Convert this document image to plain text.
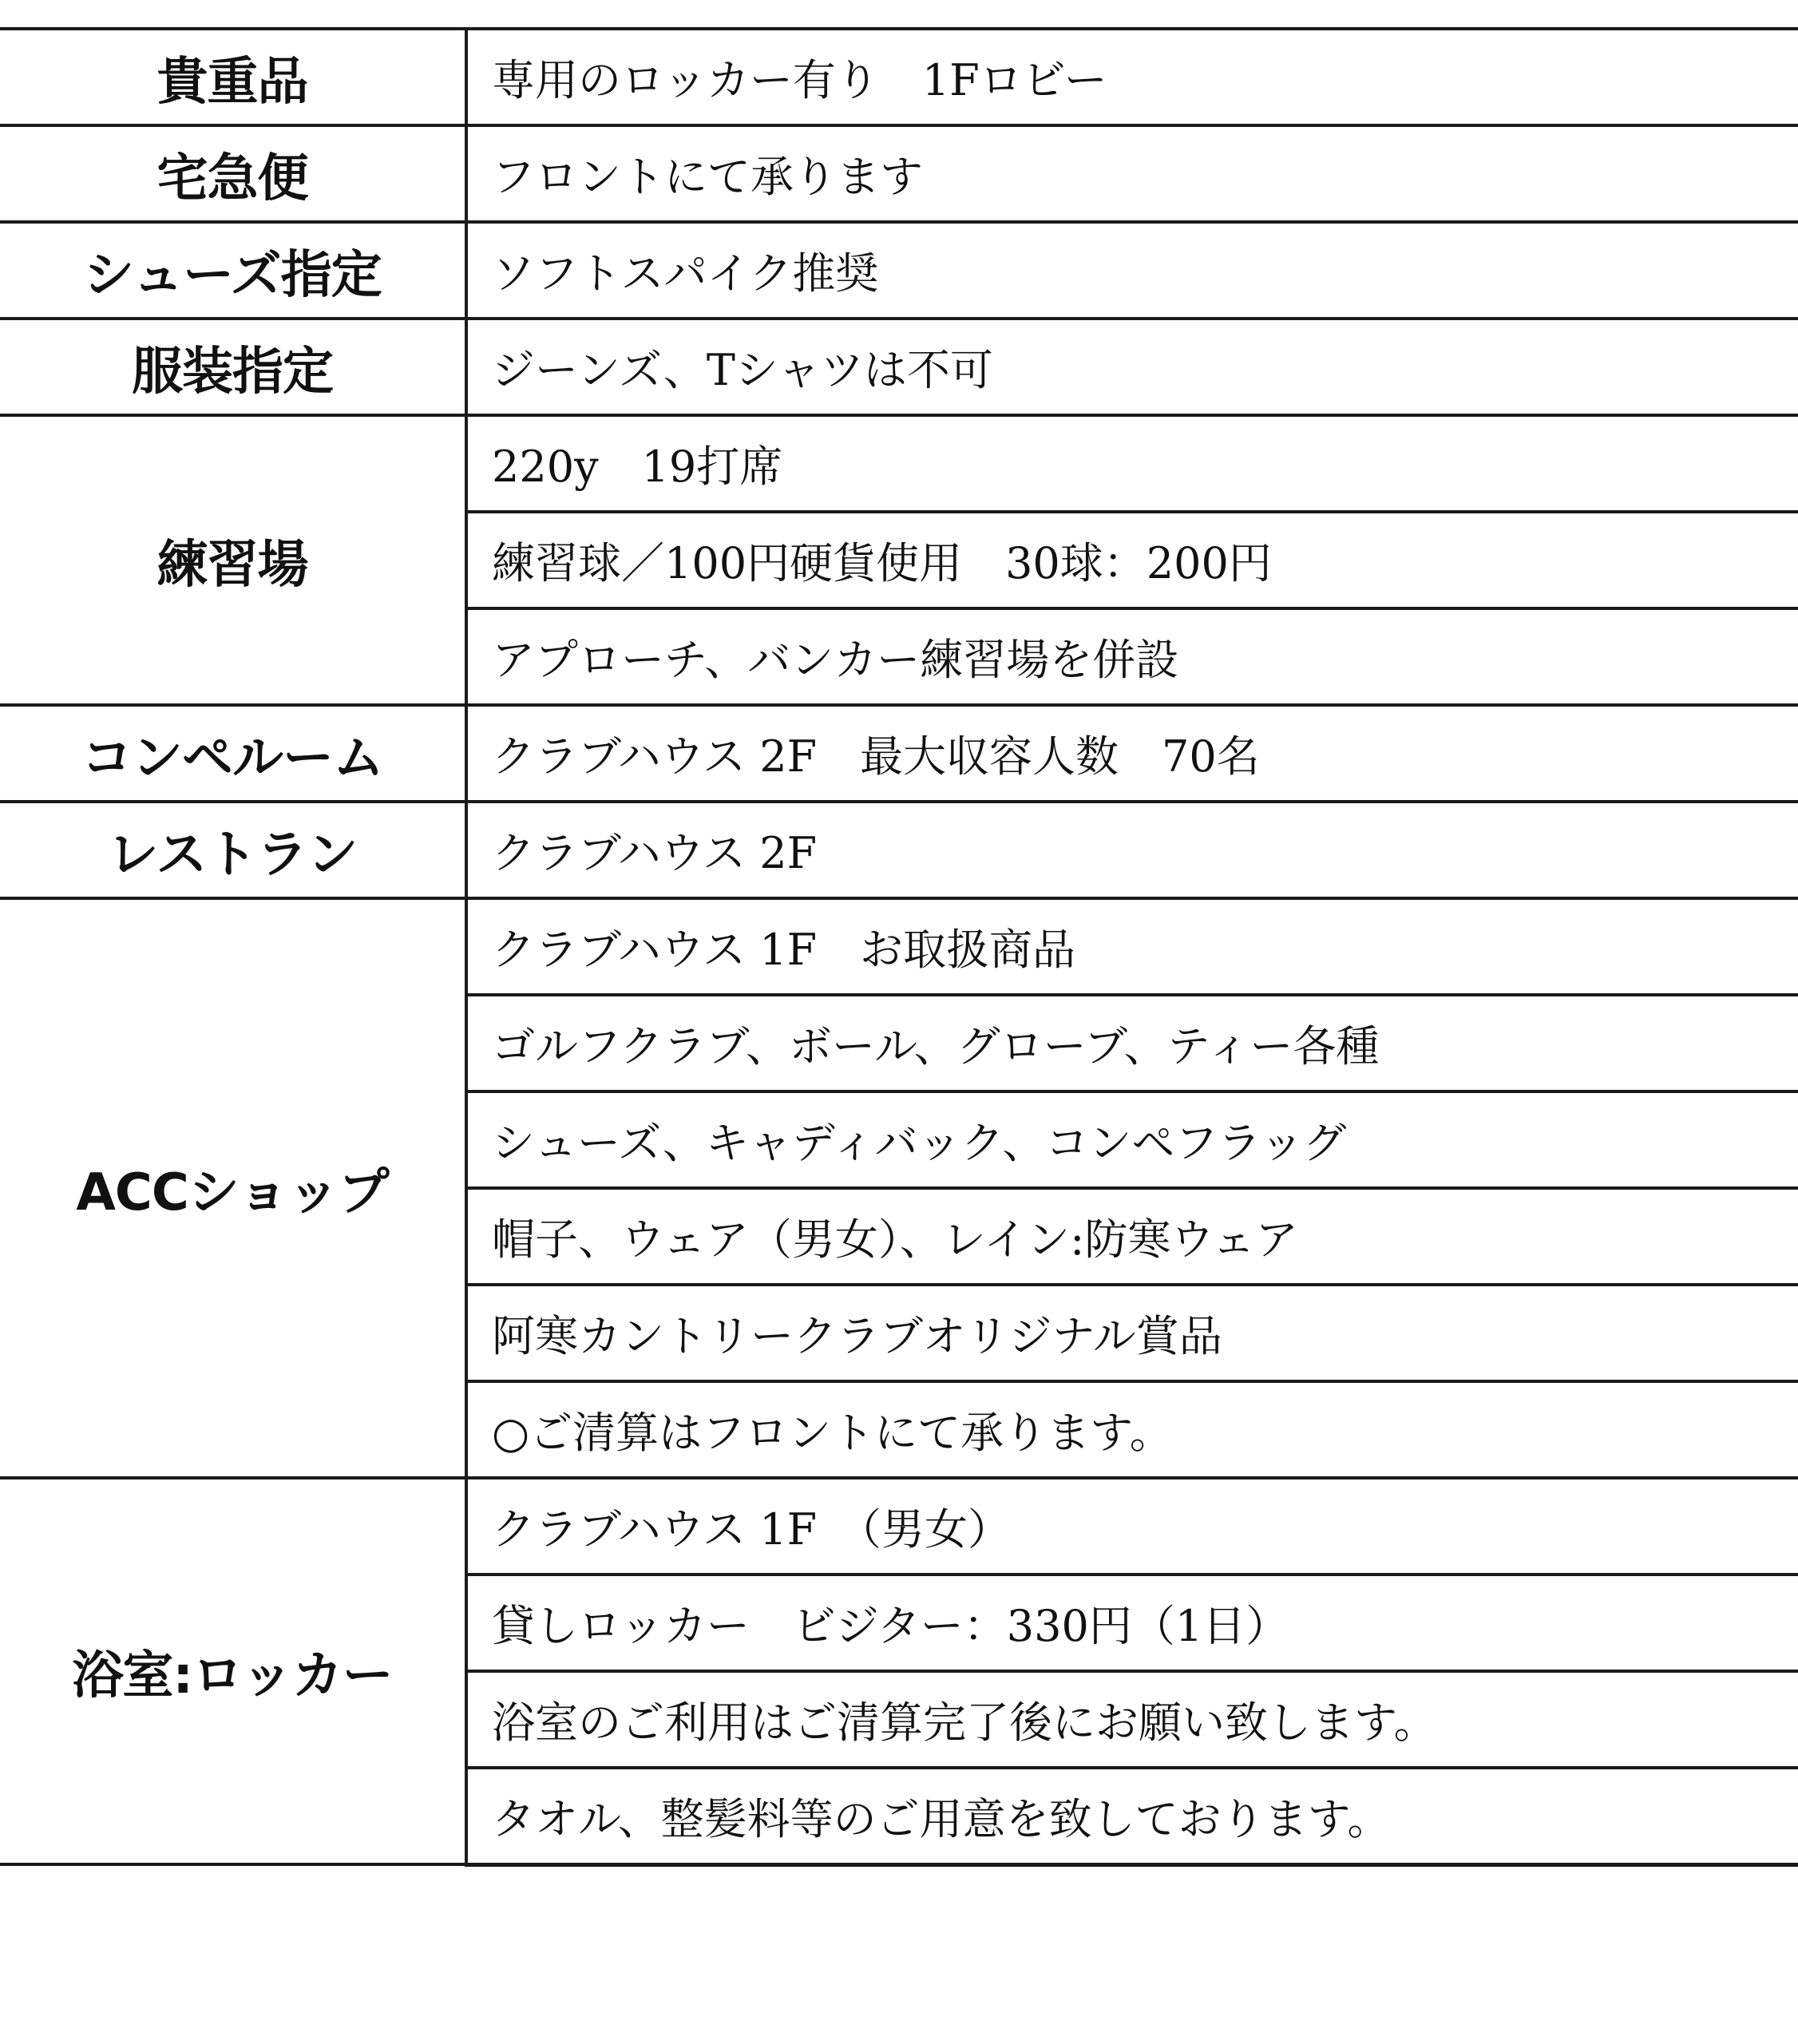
貴重品	専用のロッカー有り　1Fロビー
宅急便	フロントにて承ります
シューズ指定	ソフトスパイク推奨
服装指定	ジーンズ、Tシャツは不可
練習場	220y　19打席
	練習球／100円硬貨使用　30球：200円
	アプローチ、バンカー練習場を併設
コンペルーム	クラブハウス 2F　最大収容人数　70名
レストラン	クラブハウス 2F
ACCショップ	クラブハウス 1F　お取扱商品
	ゴルフクラブ、ボール、グローブ、ティー各種
	シューズ、キャディバック、コンペフラッグ
	帽子、ウェア（男女）、レイン:防寒ウェア
	阿寒カントリークラブオリジナル賞品
	○ご清算はフロントにて承ります。
浴室:ロッカー	クラブハウス 1F　（男女）
	貸しロッカー　ビジター：330円（1日）
	浴室のご利用はご清算完了後にお願い致します。
	タオル、整髪料等のご用意を致しております。
